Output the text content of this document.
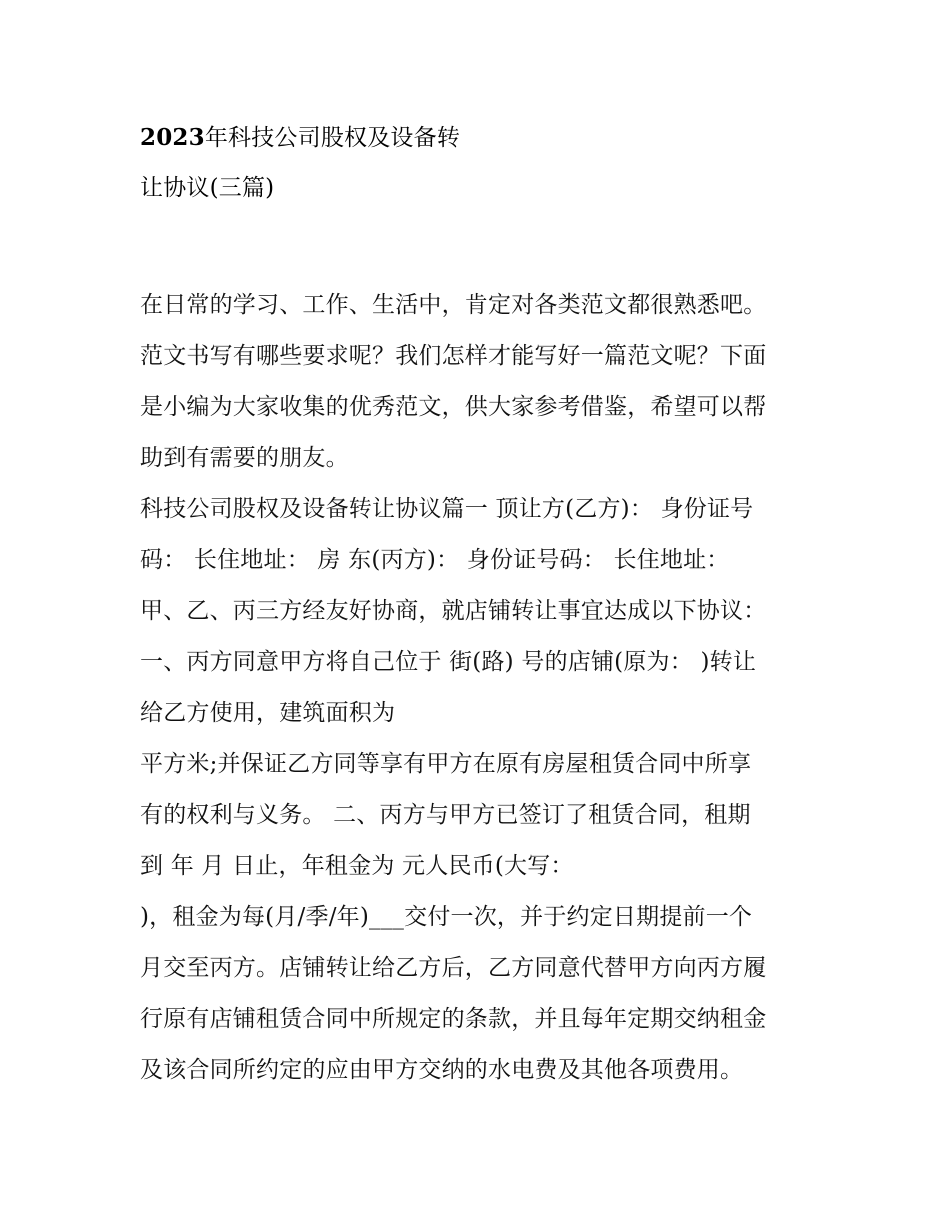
2023年科技公司股权及设备转
让协议(三篇)
在日常的学习、工作、生活中，肯定对各类范文都很熟悉吧。
范文书写有哪些要求呢？我们怎样才能写好一篇范文呢？下面
是小编为大家收集的优秀范文，供大家参考借鉴，希望可以帮
助到有需要的朋友。
科技公司股权及设备转让协议篇一 顶让方(乙方)： 身份证号
码： 长住地址： 房 东(丙方)： 身份证号码： 长住地址：
甲、乙、丙三方经友好协商，就店铺转让事宜达成以下协议：
一、丙方同意甲方将自己位于 街(路) 号的店铺(原为： )转让
给乙方使用，建筑面积为
平方米;并保证乙方同等享有甲方在原有房屋租赁合同中所享
有的权利与义务。 二、丙方与甲方已签订了租赁合同，租期
到 年 月 日止，年租金为 元人民币(大写：
)，租金为每(月/季/年)___交付一次，并于约定日期提前一个
月交至丙方。店铺转让给乙方后，乙方同意代替甲方向丙方履
行原有店铺租赁合同中所规定的条款，并且每年定期交纳租金
及该合同所约定的应由甲方交纳的水电费及其他各项费用。
